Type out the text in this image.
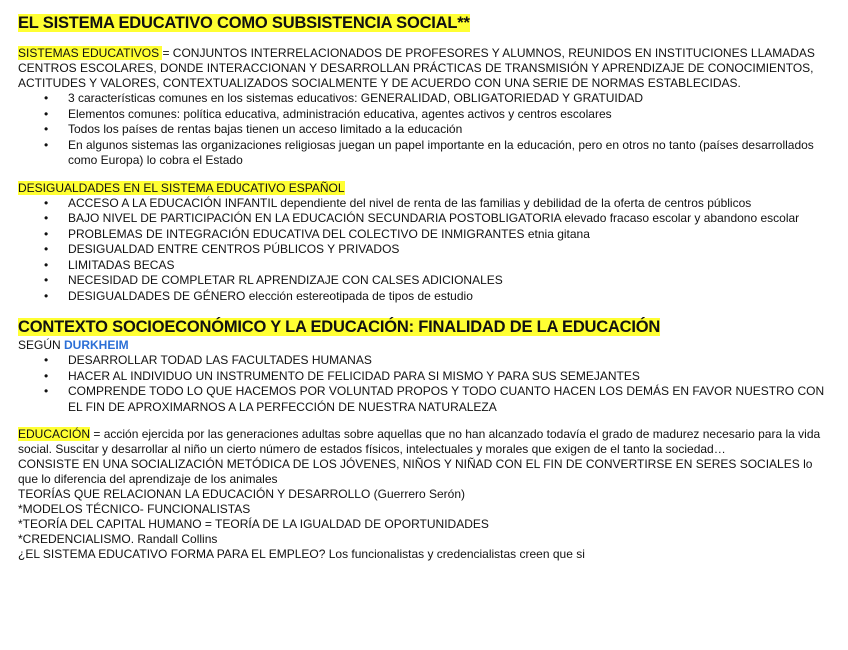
EL SISTEMA EDUCATIVO COMO SUBSISTENCIA SOCIAL**

SISTEMAS EDUCATIVOS = CONJUNTOS INTERRELACIONADOS DE PROFESORES Y ALUMNOS, REUNIDOS EN INSTITUCIONES LLAMADAS CENTROS ESCOLARES, DONDE INTERACCIONAN Y DESARROLLAN PRÁCTICAS DE TRANSMISIÓN Y APRENDIZAJE DE CONOCIMIENTOS, ACTITUDES Y VALORES, CONTEXTUALIZADOS SOCIALMENTE Y DE ACUERDO CON UNA SERIE DE NORMAS ESTABLECIDAS.

• 3 características comunes en los sistemas educativos: GENERALIDAD, OBLIGATORIEDAD Y GRATUIDAD
• Elementos comunes: política educativa, administración educativa, agentes activos y centros escolares
• Todos los países de rentas bajas tienen un acceso limitado a la educación
• En algunos sistemas las organizaciones religiosas juegan un papel importante en la educación, pero en otros no tanto (países desarrollados como Europa) lo cobra el Estado

DESIGUALDADES EN EL SISTEMA EDUCATIVO ESPAÑOL

• ACCESO A LA EDUCACIÓN INFANTIL dependiente del nivel de renta de las familias y debilidad de la oferta de centros públicos
• BAJO NIVEL DE PARTICIPACIÓN EN LA EDUCACIÓN SECUNDARIA POSTOBLIGATORIA elevado fracaso escolar y abandono escolar
• PROBLEMAS DE INTEGRACIÓN EDUCATIVA DEL COLECTIVO DE INMIGRANTES etnia gitana
• DESIGUALDAD ENTRE CENTROS PÚBLICOS Y PRIVADOS
• LIMITADAS BECAS
• NECESIDAD DE COMPLETAR RL APRENDIZAJE CON CALSES ADICIONALES
• DESIGUALDADES DE GÉNERO elección estereotipada de tipos de estudio

CONTEXTO SOCIOECONÓMICO Y LA EDUCACIÓN: FINALIDAD DE LA EDUCACIÓN

SEGÚN DURKHEIM

• DESARROLLAR TODAD LAS FACULTADES HUMANAS
• HACER AL INDIVIDUO UN INSTRUMENTO DE FELICIDAD PARA SI MISMO Y PARA SUS SEMEJANTES
• COMPRENDE TODO LO QUE HACEMOS POR VOLUNTAD PROPOS Y TODO CUANTO HACEN LOS DEMÁS EN FAVOR NUESTRO CON EL FIN DE APROXIMARNOS A LA PERFECCIÓN DE NUESTRA NATURALEZA

EDUCACIÓN = acción ejercida por las generaciones adultas sobre aquellas que no han alcanzado todavía el grado de madurez necesario para la vida social. Suscitar y desarrollar al niño un cierto número de estados físicos, intelectuales y morales que exigen de el tanto la sociedad…

CONSISTE EN UNA SOCIALIZACIÓN METÓDICA DE LOS JÓVENES, NIÑOS Y NIÑAD CON EL FIN DE CONVERTIRSE EN SERES SOCIALES lo que lo diferencia del aprendizaje de los animales

TEORÍAS QUE RELACIONAN LA EDUCACIÓN Y DESARROLLO (Guerrero Serón)

*MODELOS TÉCNICO- FUNCIONALISTAS

*TEORÍA DEL CAPITAL HUMANO = TEORÍA DE LA IGUALDAD DE OPORTUNIDADES

*CREDENCIALISMO. Randall Collins

¿EL SISTEMA EDUCATIVO FORMA PARA EL EMPLEO? Los funcionalistas y credencialistas creen que si
